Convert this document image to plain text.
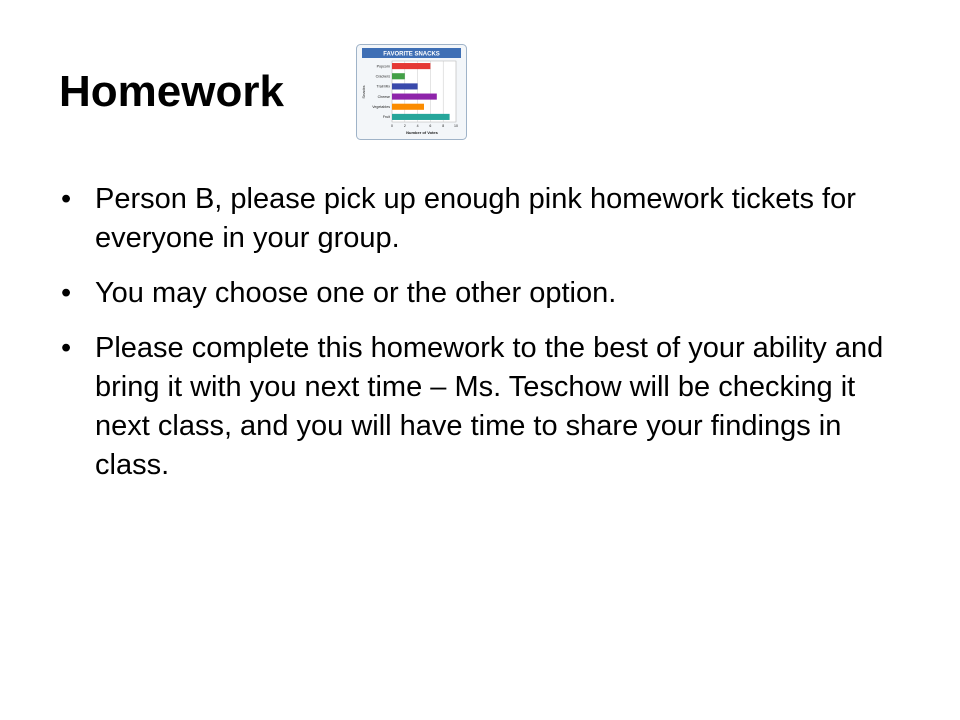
Homework
FAVORITE SNACKS
Snacks
Number of Votes
0	2	4	6	8	10
Popcorn
Crackers
Trail Mix
Cheese
Vegetables
Fruit
• Person B, please pick up enough pink homework tickets for everyone in your group.
• You may choose one or the other option.
• Please complete this homework to the best of your ability and bring it with you next time – Ms. Teschow will be checking it next class, and you will have time to share your findings in class.
